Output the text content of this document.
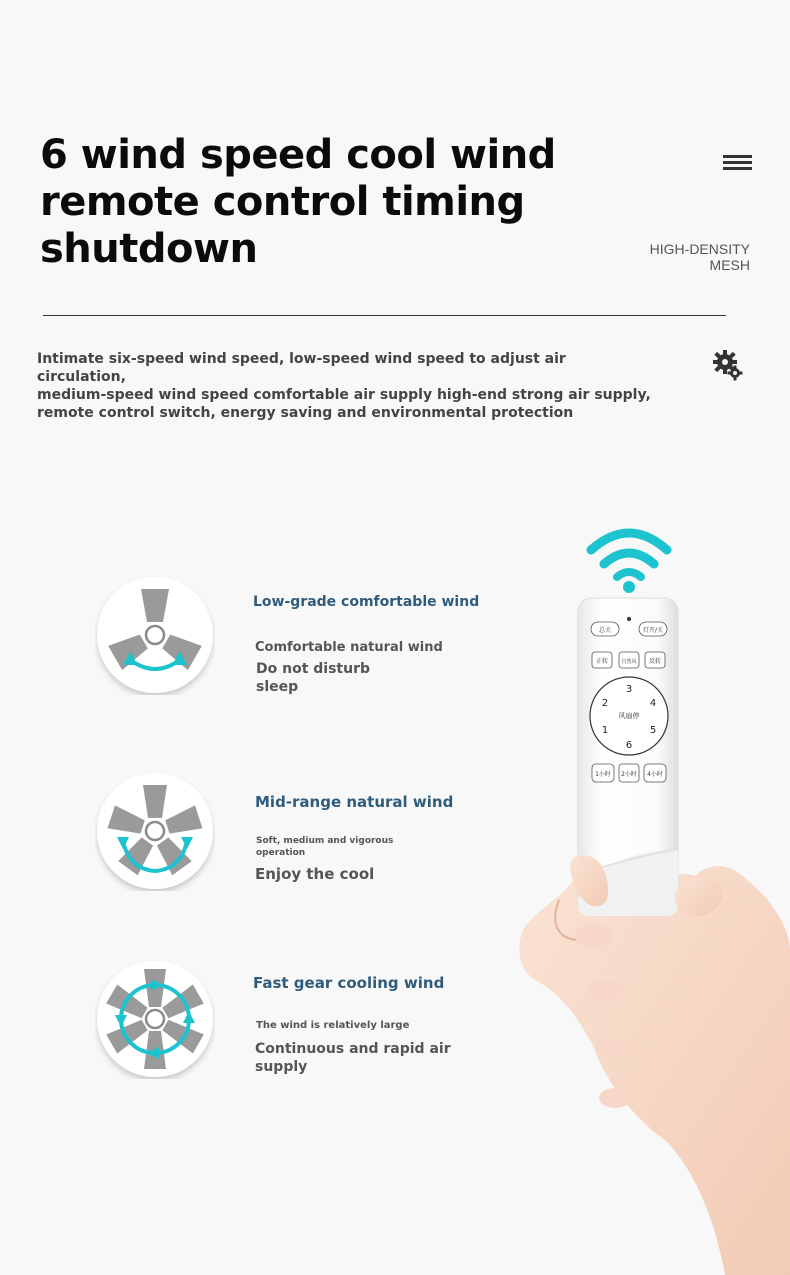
6 wind speed cool wind
remote control timing
shutdown	HIGH-DENSITY
MESH
Intimate six-speed wind speed, low-speed wind speed to adjust air circulation,
medium-speed wind speed comfortable air supply high-end strong air supply,
remote control switch, energy saving and environmental protection
Low-grade comfortable wind
Comfortable natural wind
Do not disturb
sleep
Mid-range natural wind
Soft, medium and vigorous
operation
Enjoy the cool
Fast gear cooling wind
The wind is relatively large
Continuous and rapid air
supply
总关	灯开/关
正转	自然风 反转
风扇停
1
2
3
4
5
6
1小时 2小时 4小时
